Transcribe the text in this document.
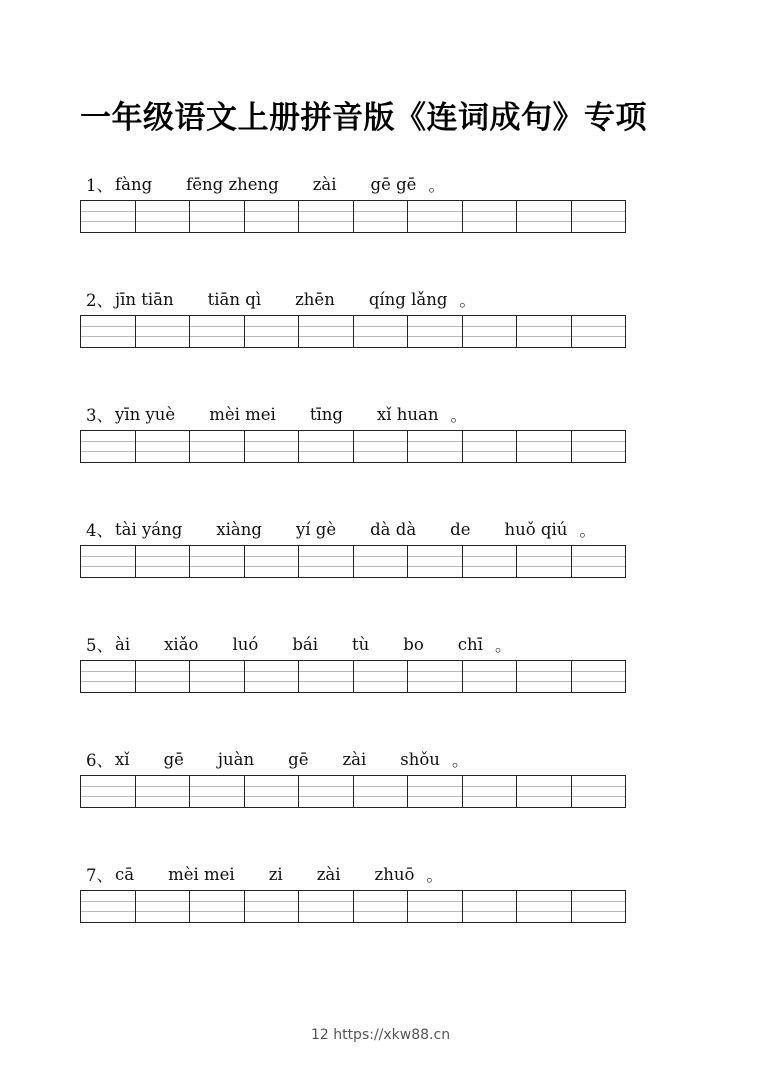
一年级语文上册拼音版《连词成句》专项
1、 fàng fēng zheng zài gē gē 。
2、 jīn tiān tiān qì zhēn qíng lǎng 。
3、 yīn yuè mèi mei tīng xǐ huan 。
4、 tài yáng xiàng yí gè dà dà de huǒ qiú 。
5、 ài xiǎo luó bái tù bo chī 。
6、 xǐ gē juàn gē zài shǒu 。
7、 cā mèi mei zi zài zhuō 。
12 https://xkw88.cn
